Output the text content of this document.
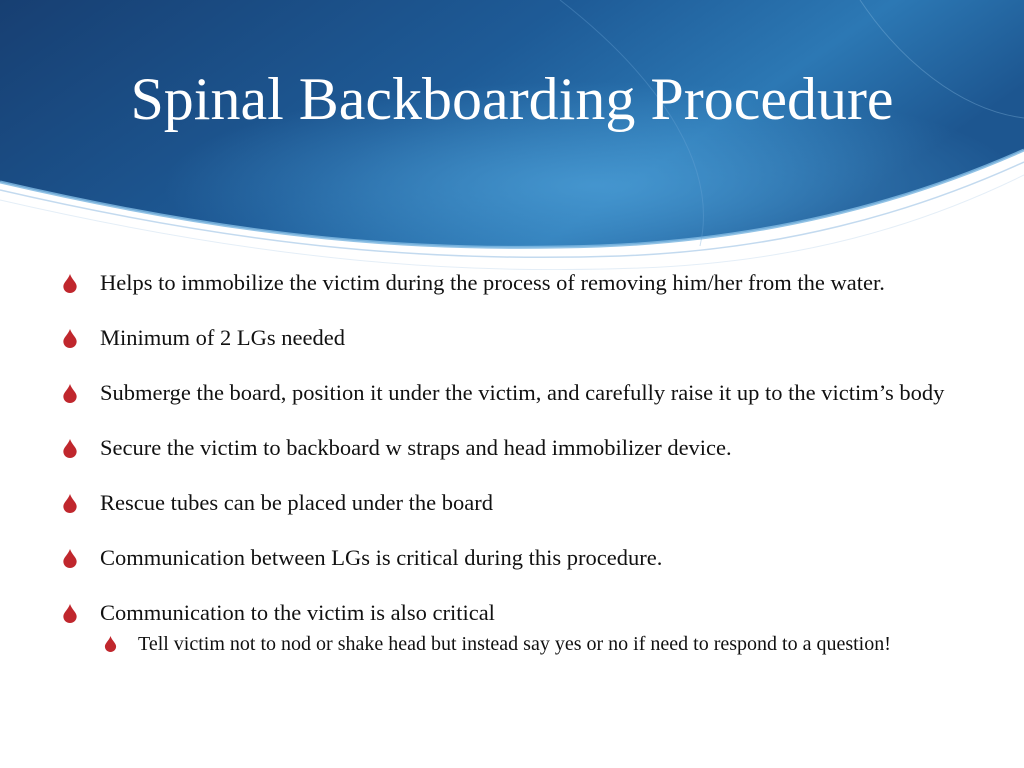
Spinal Backboarding Procedure
Helps to immobilize the victim during the process of removing him/her from the water.
Minimum of 2 LGs needed
Submerge the board, position it under the victim, and carefully raise it up to the victim’s body
Secure the victim to backboard w straps and head immobilizer device.
Rescue tubes can be placed under the board
Communication between LGs is critical during this procedure.
Communication to the victim is also critical
Tell victim not to nod or shake head but instead say yes or no if need to respond to a question!
